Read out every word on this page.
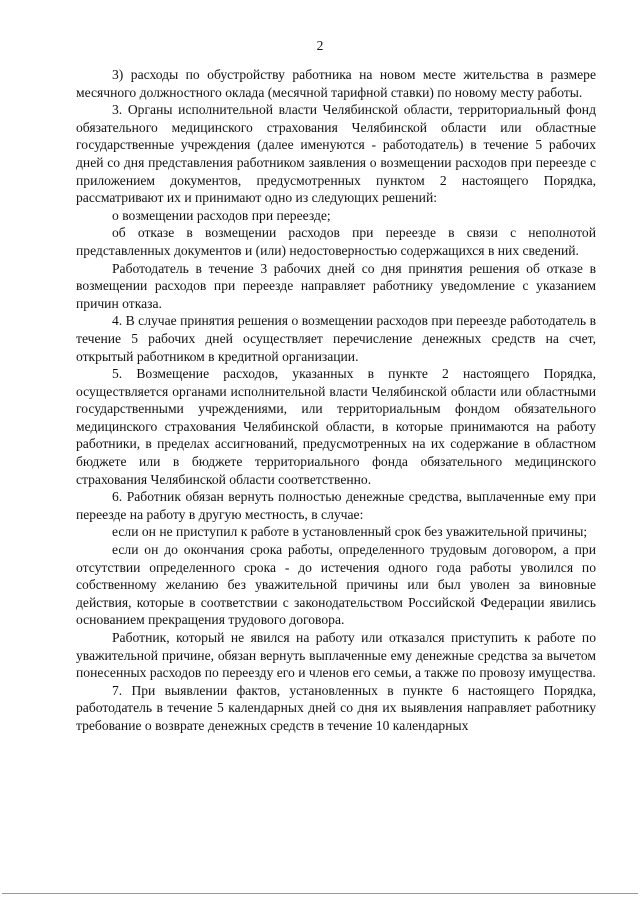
2

3) расходы по обустройству работника на новом месте жительства в размере месячного должностного оклада (месячной тарифной ставки) по новому месту работы.

3. Органы исполнительной власти Челябинской области, территориальный фонд обязательного медицинского страхования Челябинской области или областные государственные учреждения (далее именуются - работодатель) в течение 5 рабочих дней со дня представления работником заявления о возмещении расходов при переезде с приложением документов, предусмотренных пунктом 2 настоящего Порядка, рассматривают их и принимают одно из следующих решений:

о возмещении расходов при переезде;

об отказе в возмещении расходов при переезде в связи с неполнотой представленных документов и (или) недостоверностью содержащихся в них сведений.

Работодатель в течение 3 рабочих дней со дня принятия решения об отказе в возмещении расходов при переезде направляет работнику уведомление с указанием причин отказа.

4. В случае принятия решения о возмещении расходов при переезде работодатель в течение 5 рабочих дней осуществляет перечисление денежных средств на счет, открытый работником в кредитной организации.

5. Возмещение расходов, указанных в пункте 2 настоящего Порядка, осуществляется органами исполнительной власти Челябинской области или областными государственными учреждениями, или территориальным фондом обязательного медицинского страхования Челябинской области, в которые принимаются на работу работники, в пределах ассигнований, предусмотренных на их содержание в областном бюджете или в бюджете территориального фонда обязательного медицинского страхования Челябинской области соответственно.

6. Работник обязан вернуть полностью денежные средства, выплаченные ему при переезде на работу в другую местность, в случае:

если он не приступил к работе в установленный срок без уважительной причины;

если он до окончания срока работы, определенного трудовым договором, а при отсутствии определенного срока - до истечения одного года работы уволился по собственному желанию без уважительной причины или был уволен за виновные действия, которые в соответствии с законодательством Российской Федерации явились основанием прекращения трудового договора.

Работник, который не явился на работу или отказался приступить к работе по уважительной причине, обязан вернуть выплаченные ему денежные средства за вычетом понесенных расходов по переезду его и членов его семьи, а также по провозу имущества.

7. При выявлении фактов, установленных в пункте 6 настоящего Порядка, работодатель в течение 5 календарных дней со дня их выявления направляет работнику требование о возврате денежных средств в течение 10 календарных
